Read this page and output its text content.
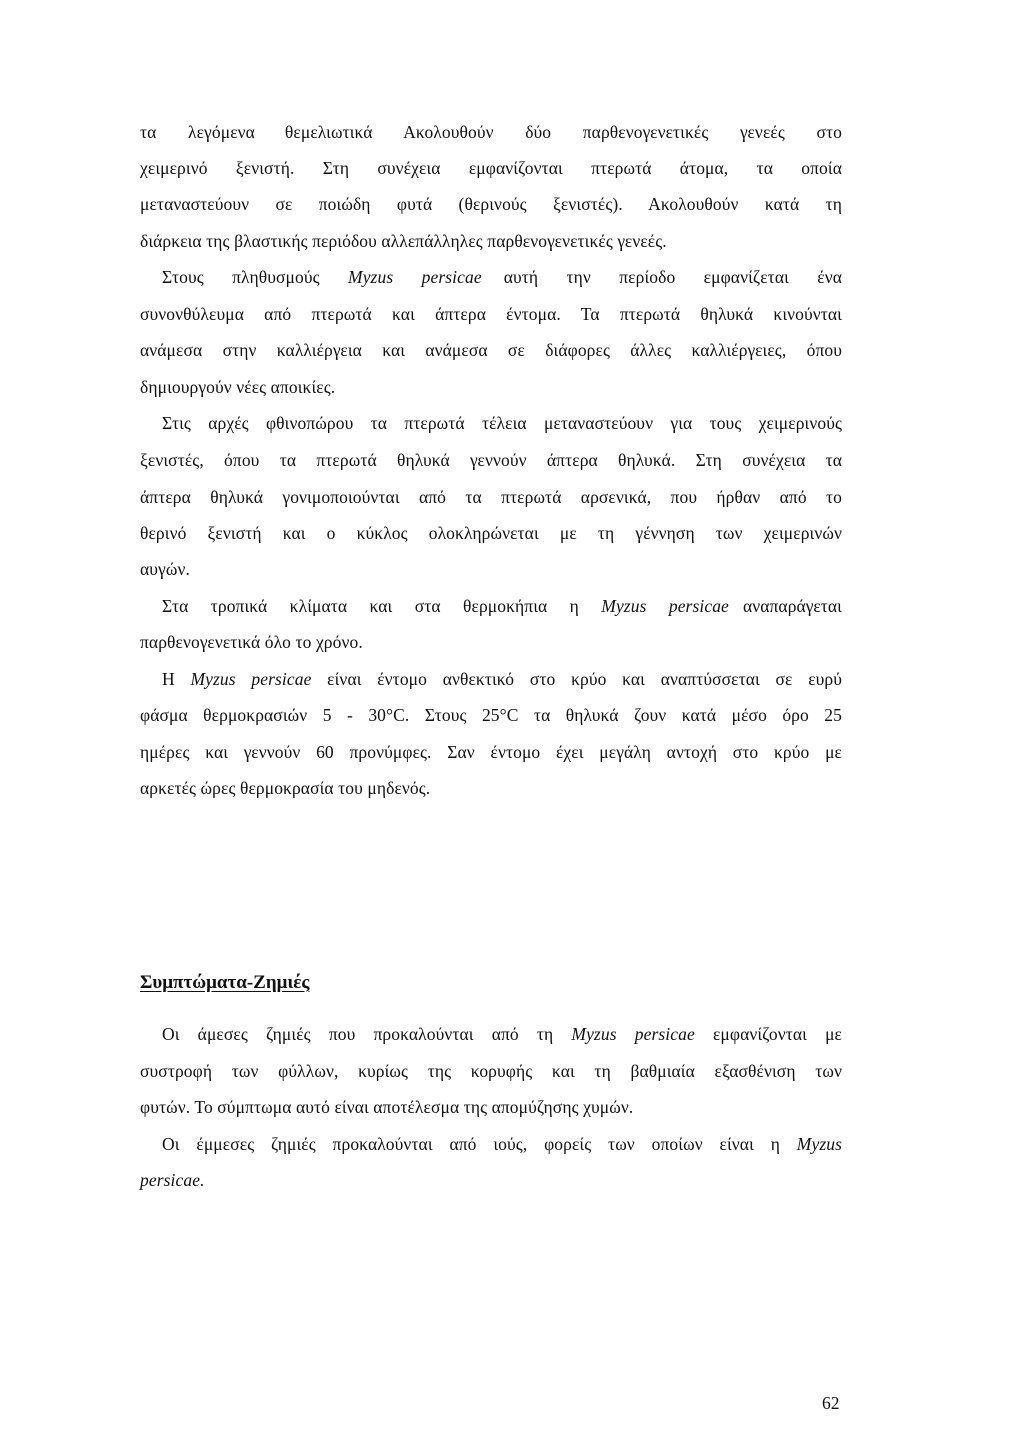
τα λεγόμενα θεμελιωτικά Ακολουθούν δύο παρθενογενετικές γενεές στο
χειμερινό ξενιστή. Στη συνέχεια εμφανίζονται πτερωτά άτομα, τα οποία
μεταναστεύουν σε ποιώδη φυτά (θερινούς ξενιστές). Ακολουθούν κατά τη
διάρκεια της βλαστικής περιόδου αλλεπάλληλες παρθενογενετικές γενεές.
Στους πληθυσμούς Myzus persicae αυτή την περίοδο εμφανίζεται ένα
συνονθύλευμα από πτερωτά και άπτερα έντομα. Τα πτερωτά θηλυκά κινούνται
ανάμεσα στην καλλιέργεια και ανάμεσα σε διάφορες άλλες καλλιέργειες, όπου
δημιουργούν νέες αποικίες.
Στις αρχές φθινοπώρου τα πτερωτά τέλεια μεταναστεύουν για τους χειμερινούς
ξενιστές, όπου τα πτερωτά θηλυκά γεννούν άπτερα θηλυκά. Στη συνέχεια τα
άπτερα θηλυκά γονιμοποιούνται από τα πτερωτά αρσενικά, που ήρθαν από το
θερινό ξενιστή και ο κύκλος ολοκληρώνεται με τη γέννηση των χειμερινών
αυγών.
Στα τροπικά κλίματα και στα θερμοκήπια η Myzus persicae αναπαράγεται
παρθενογενετικά όλο το χρόνο.
Η Myzus persicae είναι έντομο ανθεκτικό στο κρύο και αναπτύσσεται σε ευρύ
φάσμα θερμοκρασιών 5 - 30°C. Στους 25°C τα θηλυκά ζουν κατά μέσο όρο 25
ημέρες και γεννούν 60 προνύμφες. Σαν έντομο έχει μεγάλη αντοχή στο κρύο με
αρκετές ώρες θερμοκρασία του μηδενός.
Συμπτώματα-Ζημιές
Οι άμεσες ζημιές που προκαλούνται από τη Myzus persicae εμφανίζονται με
συστροφή των φύλλων, κυρίως της κορυφής και τη βαθμιαία εξασθένιση των
φυτών. Το σύμπτωμα αυτό είναι αποτέλεσμα της απομύζησης χυμών.
Οι έμμεσες ζημιές προκαλούνται από ιούς, φορείς των οποίων είναι η Myzus
persicae.
62
